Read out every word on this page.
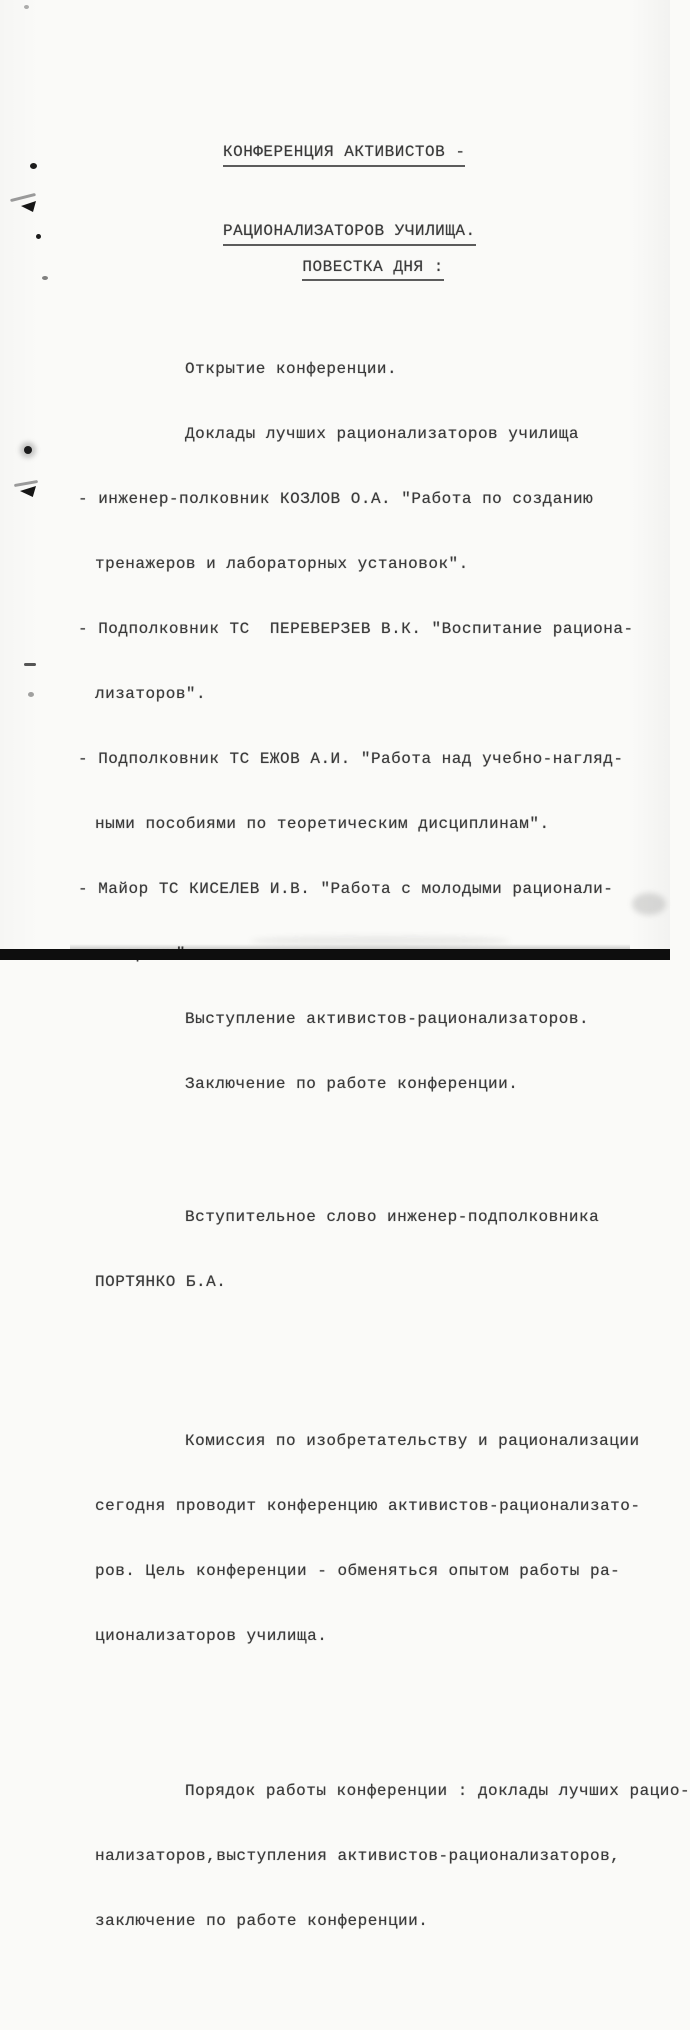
КОНФЕРЕНЦИЯ АКТИВИСТОВ -

РАЦИОНАЛИЗАТОРОВ УЧИЛИЩА.

ПОВЕСТКА ДНЯ :

Открытие конференции.

Доклады лучших рационализаторов училища

- инженер-полковник КОЗЛОВ О.А. "Работа по созданию

тренажеров и лабораторных установок".

- Подполковник ТС  ПЕРЕВЕРЗЕВ В.К. "Воспитание рациона-

лизаторов".

- Подполковник ТС ЕЖОВ А.И. "Работа над учебно-нагляд-

ными пособиями по теоретическим дисциплинам".

- Майор ТС КИСЕЛЕВ И.В. "Работа с молодыми рационали-

Выступление активистов-рационализаторов.

Заключение по работе конференции.

Вступительное слово инженер-подполковника

ПОРТЯНКО Б.А.

Комиссия по изобретательству и рационализации

сегодня проводит конференцию активистов-рационализато-

ров. Цель конференции - обменяться опытом работы ра-

ционализаторов училища.

Порядок работы конференции : доклады лучших рацио-

нализаторов,выступления активистов-рационализаторов,

заключение по работе конференции.
